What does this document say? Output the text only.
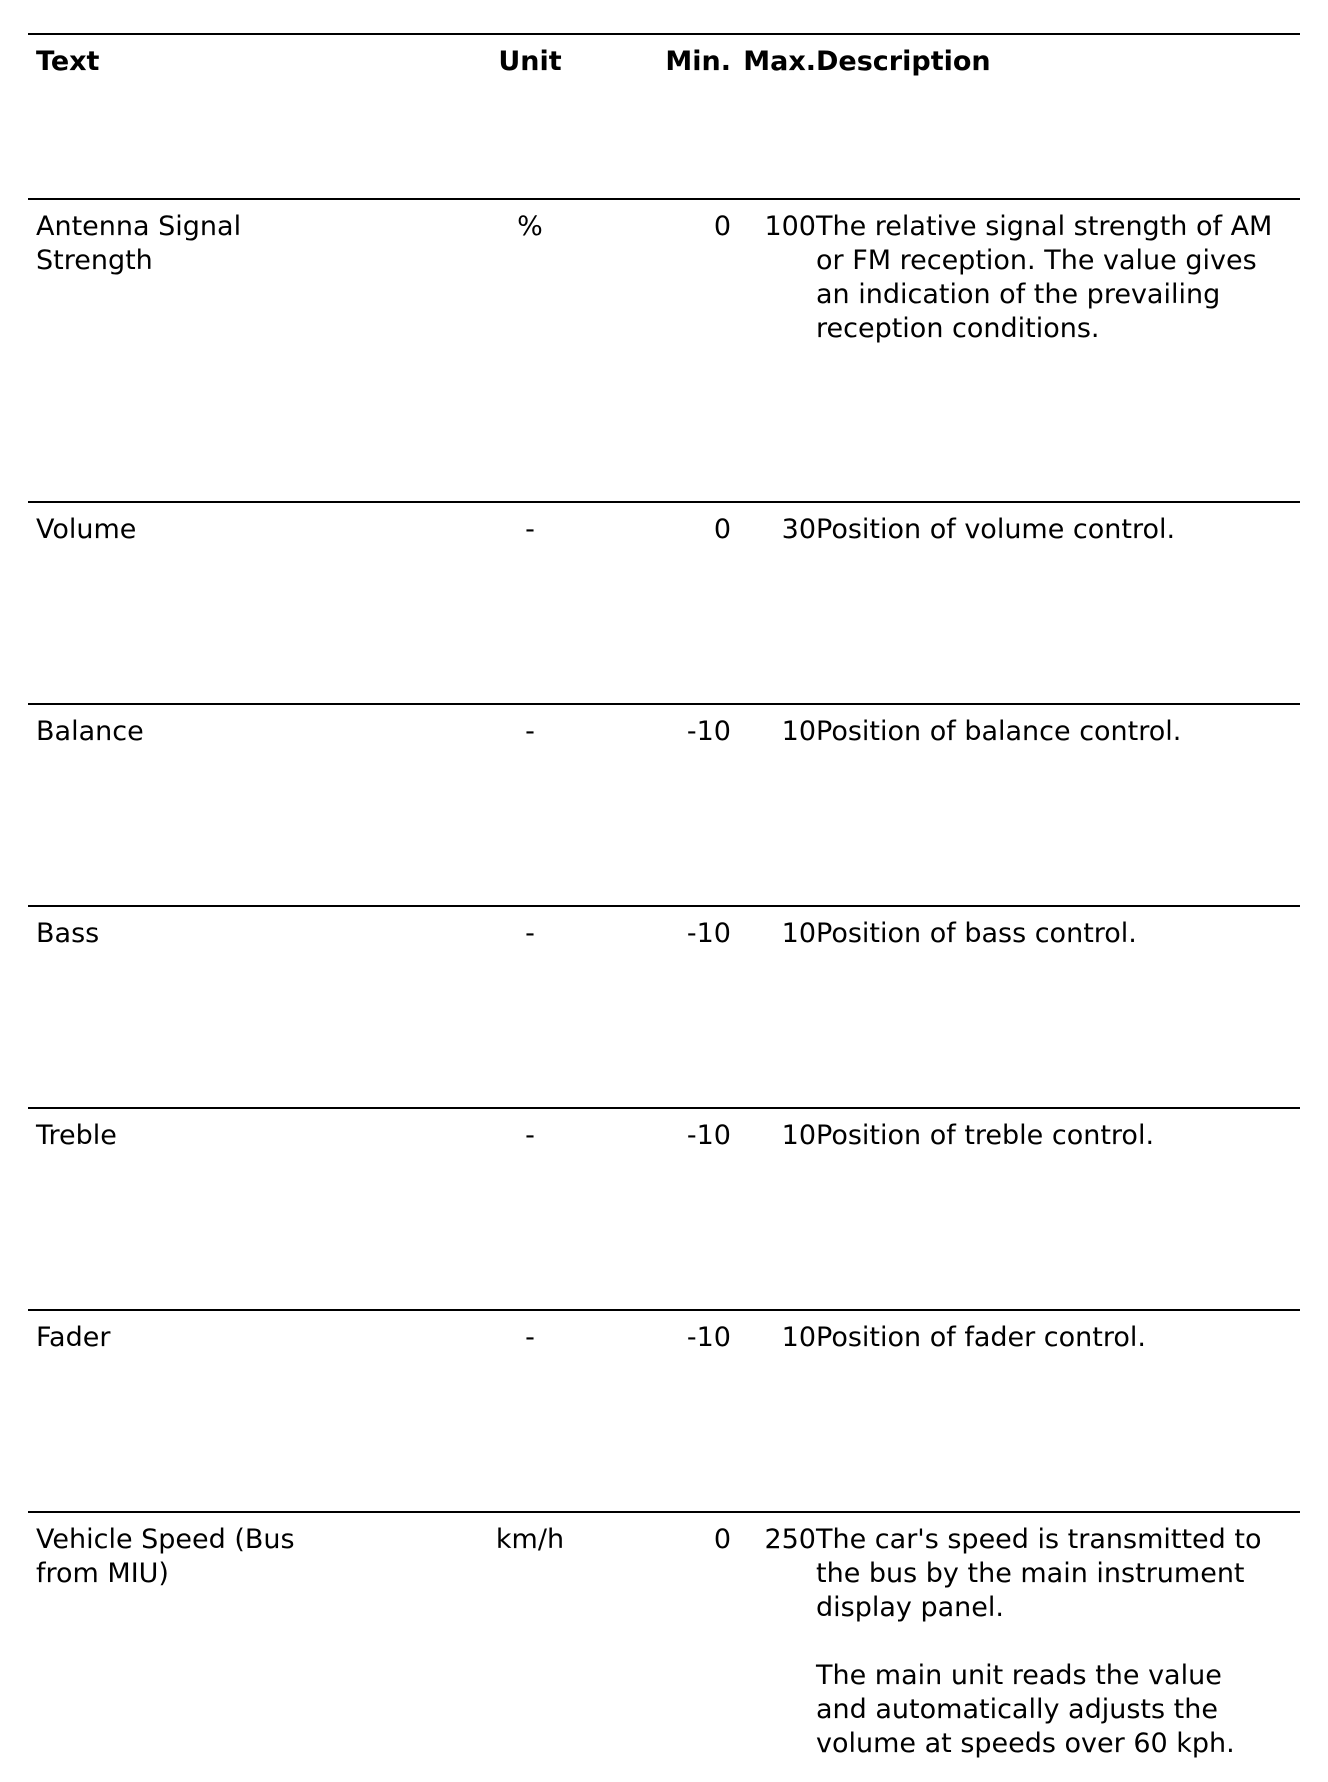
Text	Unit	Min. Max. Description
Antenna Signal
Strength
%	0	100 The relative signal strength of AM
or FM reception. The value gives
an indication of the prevailing
reception conditions.
Volume	-	0	30 Position of volume control.
Balance	-	-10	10 Position of balance control.
Bass	-	-10	10 Position of bass control.
Treble	-	-10	10 Position of treble control.
Fader	-	-10	10 Position of fader control.
Vehicle Speed (Bus
from MIU)
km/h	0	250 The car's speed is transmitted to
the bus by the main instrument
display panel.

The main unit reads the value
and automatically adjusts the
volume at speeds over 60 kph.
